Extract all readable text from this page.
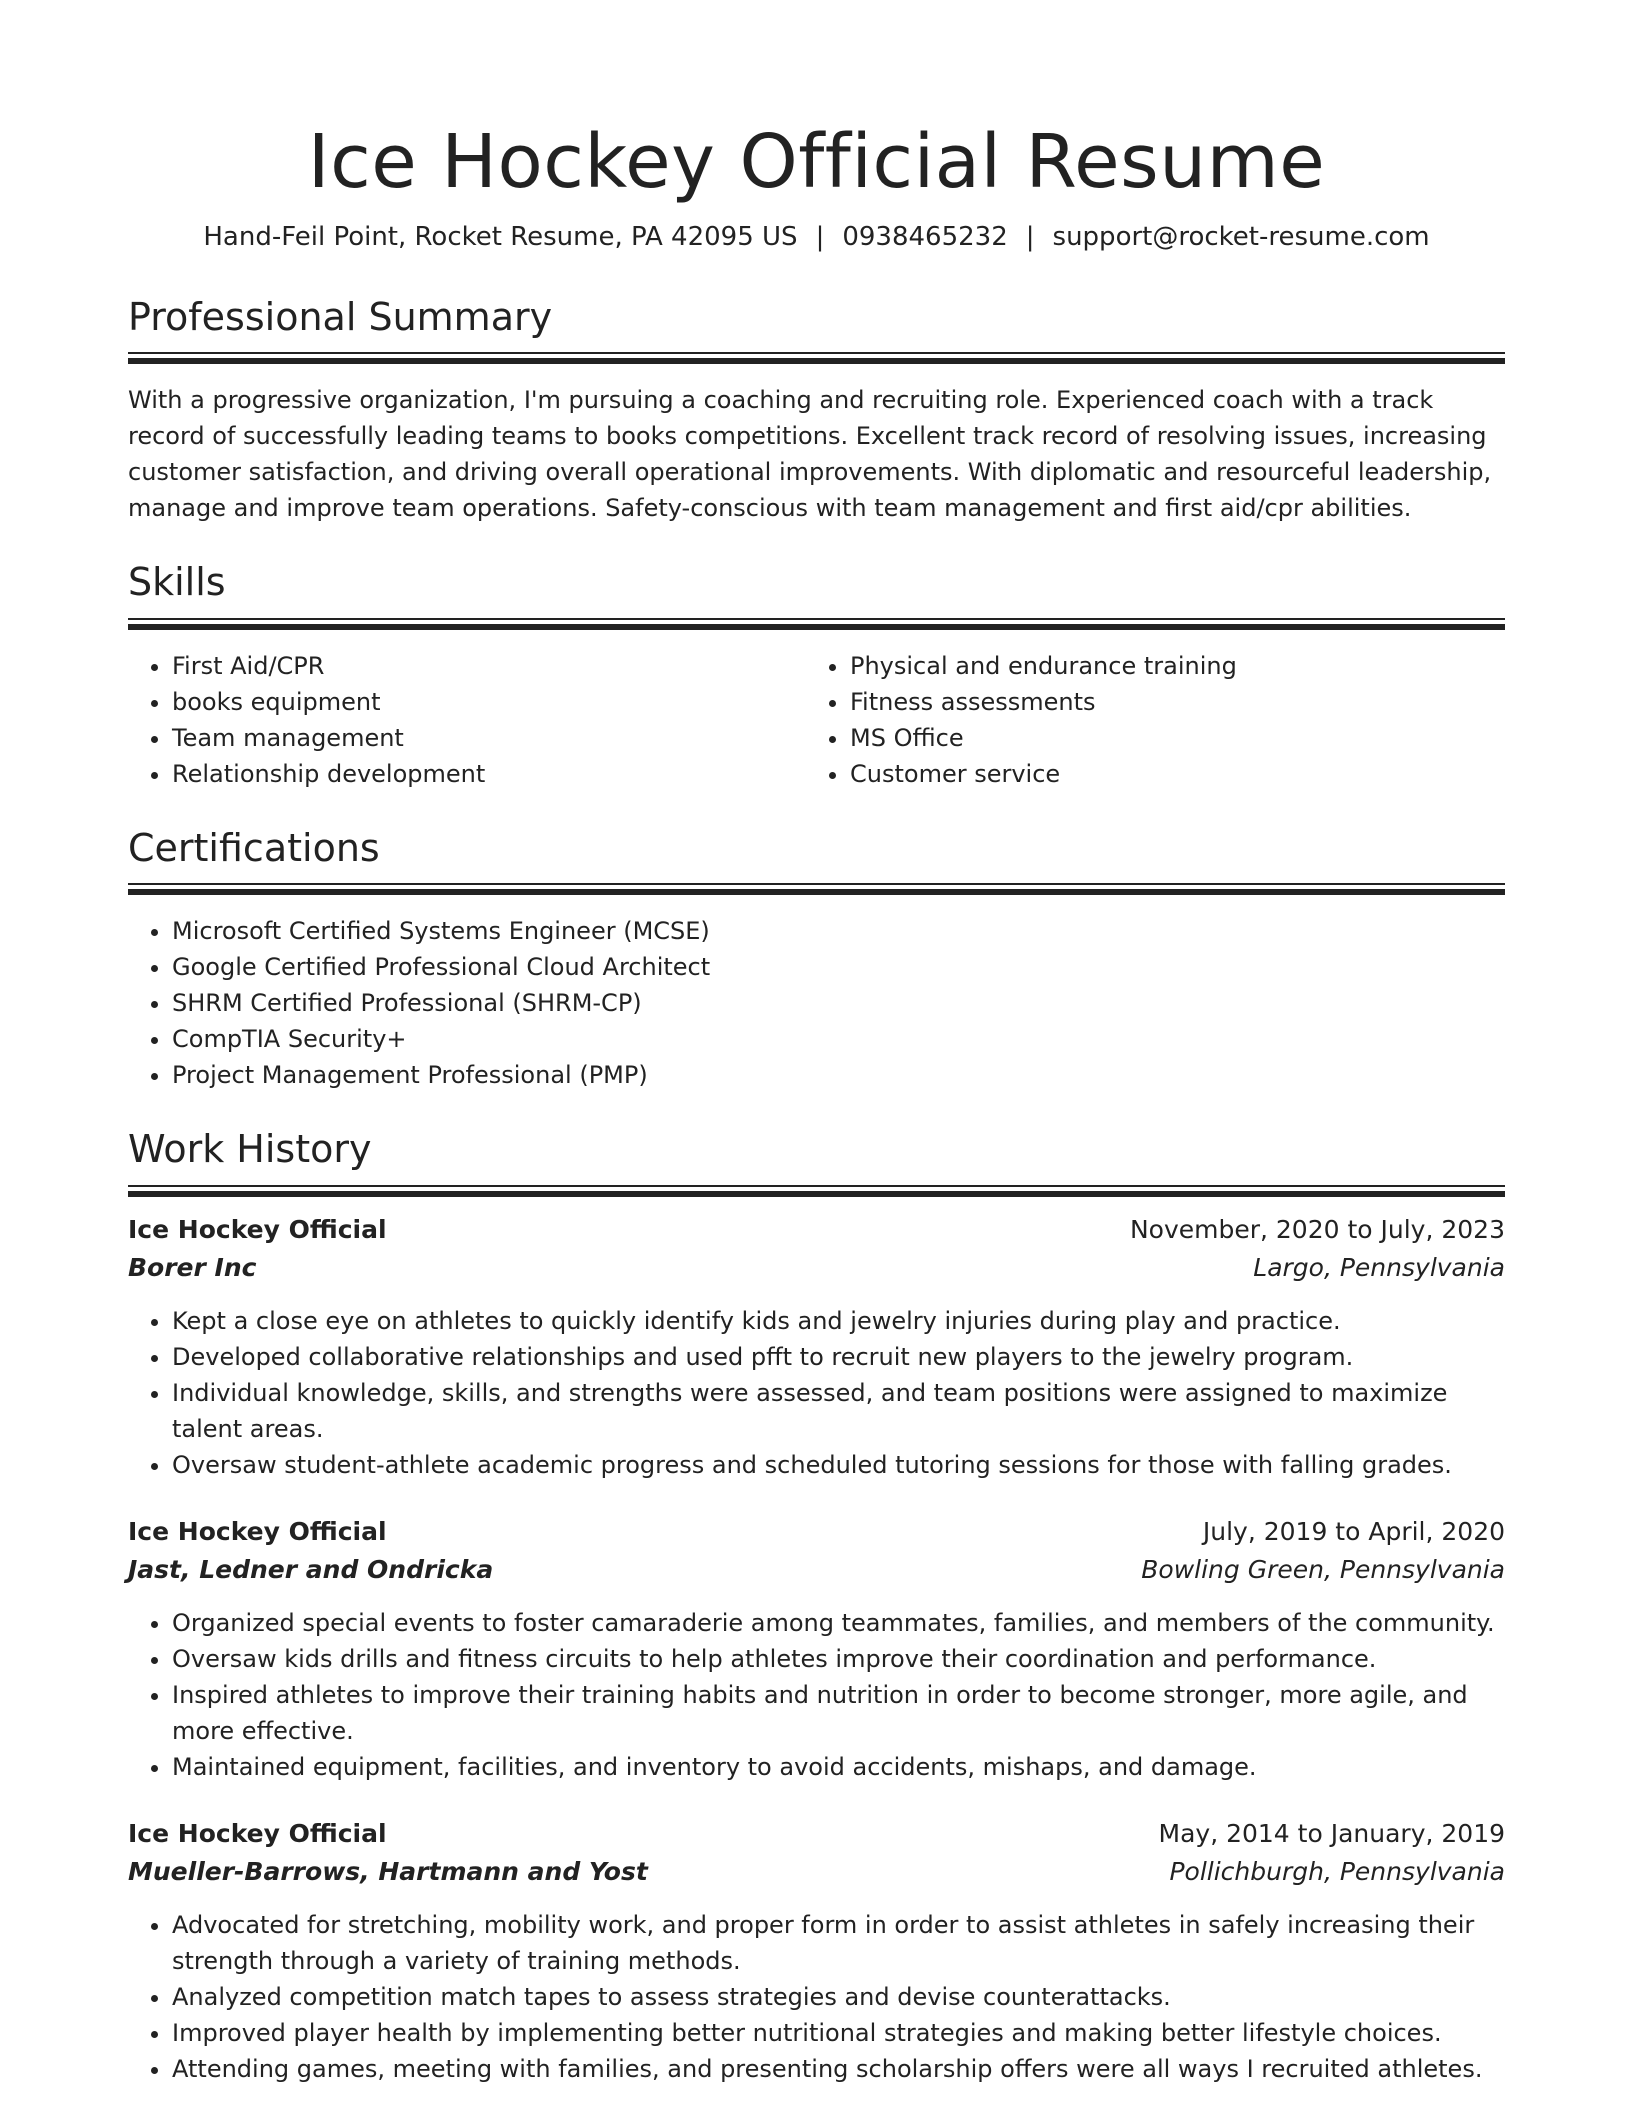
Ice Hockey Official Resume
Hand-Feil Point, Rocket Resume, PA 42095 US | 0938465232 | support@rocket-resume.com
Professional Summary

With a progressive organization, I'm pursuing a coaching and recruiting role. Experienced coach with a track record of successfully leading teams to books competitions. Excellent track record of resolving issues, increasing customer satisfaction, and driving overall operational improvements. With diplomatic and resourceful leadership, manage and improve team operations. Safety-conscious with team management and first aid/cpr abilities.

Skills
• First Aid/CPR
• books equipment
• Team management
• Relationship development
• Physical and endurance training
• Fitness assessments
• MS Office
• Customer service
Certifications
• Microsoft Certified Systems Engineer (MCSE)
• Google Certified Professional Cloud Architect
• SHRM Certified Professional (SHRM-CP)
• CompTIA Security+
• Project Management Professional (PMP)
Work History
Ice Hockey Official	November, 2020 to July, 2023
Borer Inc	Largo, Pennsylvania
• Kept a close eye on athletes to quickly identify kids and jewelry injuries during play and practice.
• Developed collaborative relationships and used pfft to recruit new players to the jewelry program.
• Individual knowledge, skills, and strengths were assessed, and team positions were assigned to maximize talent areas.
• Oversaw student-athlete academic progress and scheduled tutoring sessions for those with falling grades.
Ice Hockey Official	July, 2019 to April, 2020
Jast, Ledner and Ondricka	Bowling Green, Pennsylvania
• Organized special events to foster camaraderie among teammates, families, and members of the community.
• Oversaw kids drills and fitness circuits to help athletes improve their coordination and performance.
• Inspired athletes to improve their training habits and nutrition in order to become stronger, more agile, and more effective.
• Maintained equipment, facilities, and inventory to avoid accidents, mishaps, and damage.
Ice Hockey Official	May, 2014 to January, 2019
Mueller-Barrows, Hartmann and Yost	Pollichburgh, Pennsylvania
• Advocated for stretching, mobility work, and proper form in order to assist athletes in safely increasing their strength through a variety of training methods.
• Analyzed competition match tapes to assess strategies and devise counterattacks.
• Improved player health by implementing better nutritional strategies and making better lifestyle choices.
• Attending games, meeting with families, and presenting scholarship offers were all ways I recruited athletes.
